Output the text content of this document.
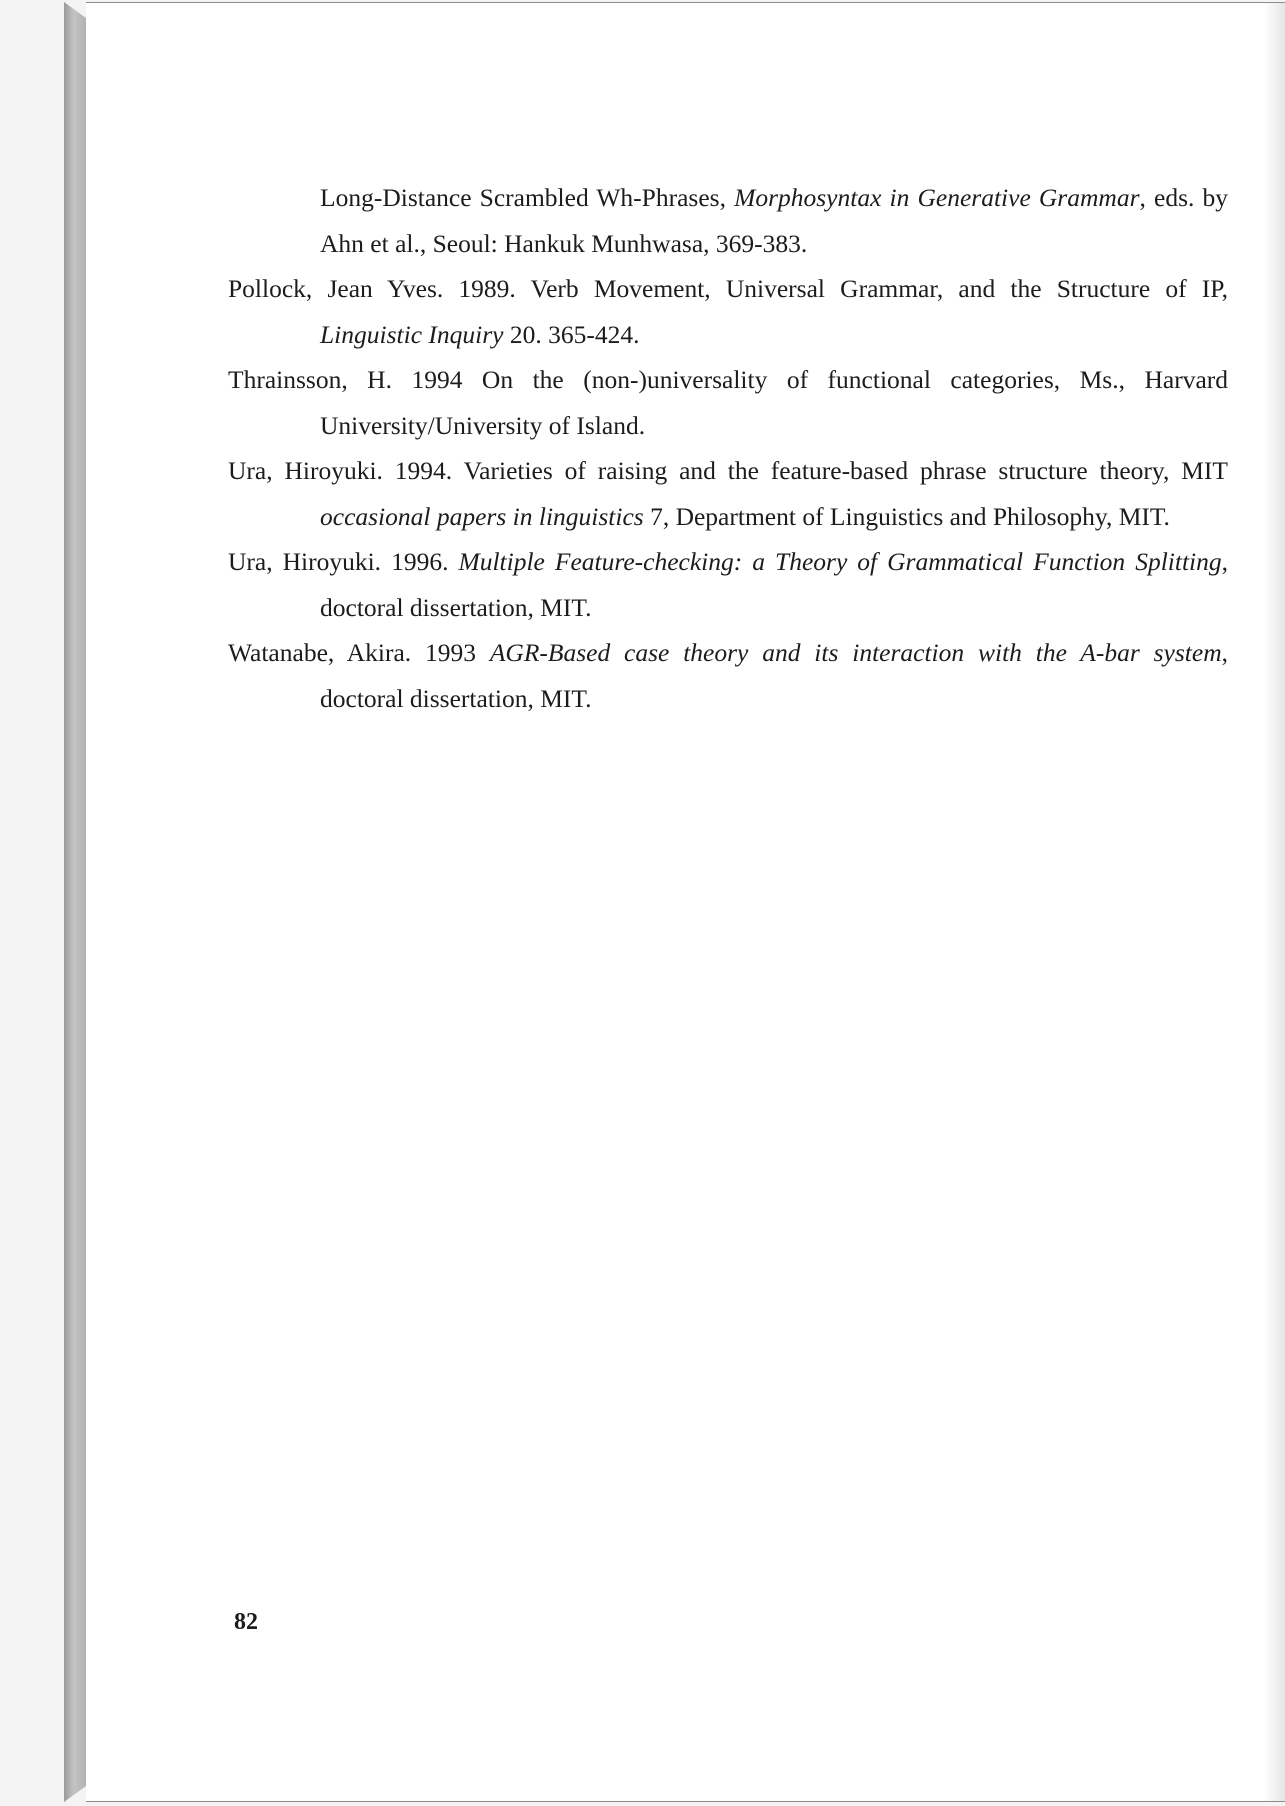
Long-Distance Scrambled Wh-Phrases, Morphosyntax in Generative Grammar, eds. by Ahn et al., Seoul: Hankuk Munhwasa, 369-383.

Pollock, Jean Yves. 1989. Verb Movement, Universal Grammar, and the Structure of IP, Linguistic Inquiry 20. 365-424.

Thrainsson, H. 1994 On the (non-)universality of functional categories, Ms., Harvard University/University of Island.

Ura, Hiroyuki. 1994. Varieties of raising and the feature-based phrase structure theory, MIT occasional papers in linguistics 7, Department of Linguistics and Philosophy, MIT.

Ura, Hiroyuki. 1996. Multiple Feature-checking: a Theory of Grammatical Function Splitting, doctoral dissertation, MIT.

Watanabe, Akira. 1993 AGR-Based case theory and its interaction with the A-bar system, doctoral dissertation, MIT.

82
